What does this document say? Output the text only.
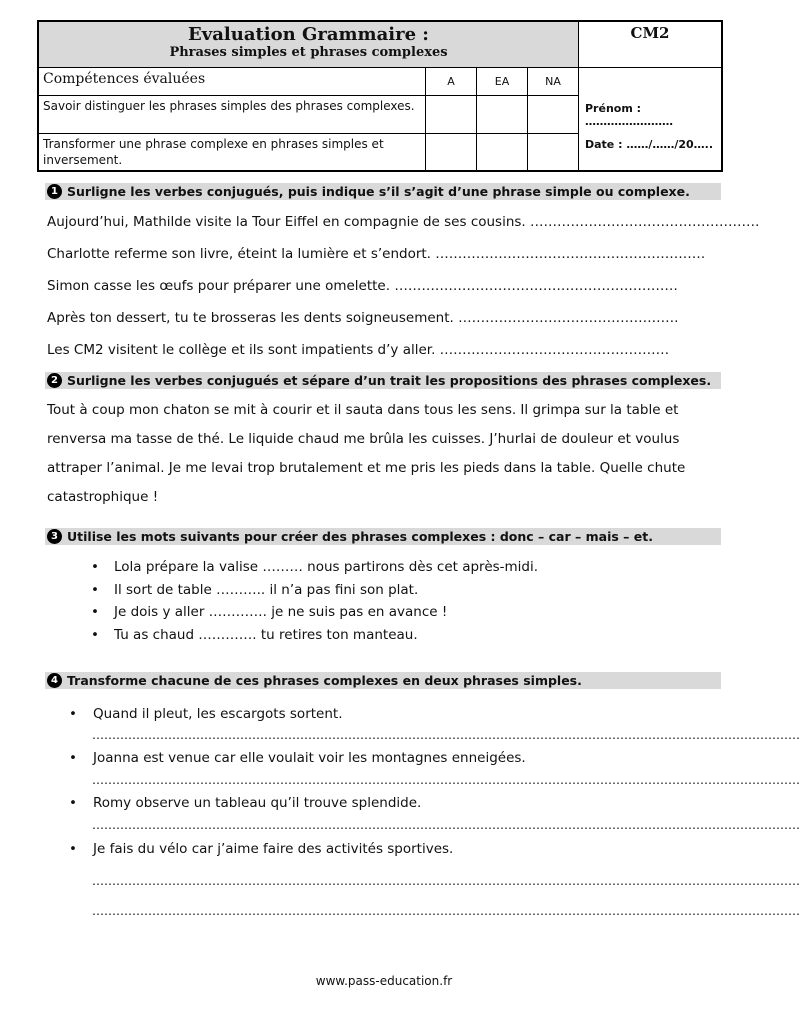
Evaluation Grammaire :
Phrases simples et phrases complexes
CM2
Compétences évaluées	A	EA	NA
Savoir distinguer les phrases simples des phrases complexes.
Transformer une phrase complexe en phrases simples et inversement.
Prénom : ……………………
Date : ……/……/20…..
1 Surligne les verbes conjugués, puis indique s’il s’agit d’une phrase simple ou complexe.
Aujourd’hui, Mathilde visite la Tour Eiffel en compagnie de ses cousins. ……………………………………………
Charlotte referme son livre, éteint la lumière et s’endort. ……………………………………………………
Simon casse les œufs pour préparer une omelette. ………………………………………………………
Après ton dessert, tu te brosseras les dents soigneusement. ………………………………………….
Les CM2 visitent le collège et ils sont impatients d’y aller. ……………………………………………
2 Surligne les verbes conjugués et sépare d’un trait les propositions des phrases complexes.
Tout à coup mon chaton se mit à courir et il sauta dans tous les sens. Il grimpa sur la table et renversa ma tasse de thé. Le liquide chaud me brûla les cuisses. J’hurlai de douleur et voulus attraper l’animal. Je me levai trop brutalement et me pris les pieds dans la table. Quelle chute catastrophique !
3 Utilise les mots suivants pour créer des phrases complexes : donc – car – mais – et.
• Lola prépare la valise ……… nous partirons dès cet après-midi.
• Il sort de table ……….. il n’a pas fini son plat.
• Je dois y aller …………. je ne suis pas en avance !
• Tu as chaud …………. tu retires ton manteau.
4 Transforme chacune de ces phrases complexes en deux phrases simples.
• Quand il pleut, les escargots sortent.
……………………………………………………………………………………………………………………………………………………………
• Joanna est venue car elle voulait voir les montagnes enneigées.
……………………………………………………………………………………………………………………………………………………………
• Romy observe un tableau qu’il trouve splendide.
……………………………………………………………………………………………………………………………………………………………
• Je fais du vélo car j’aime faire des activités sportives.
……………………………………………………………………………………………………………………………………………………………
……………………………………………………………………………………………………………………………………………………………
www.pass-education.fr
